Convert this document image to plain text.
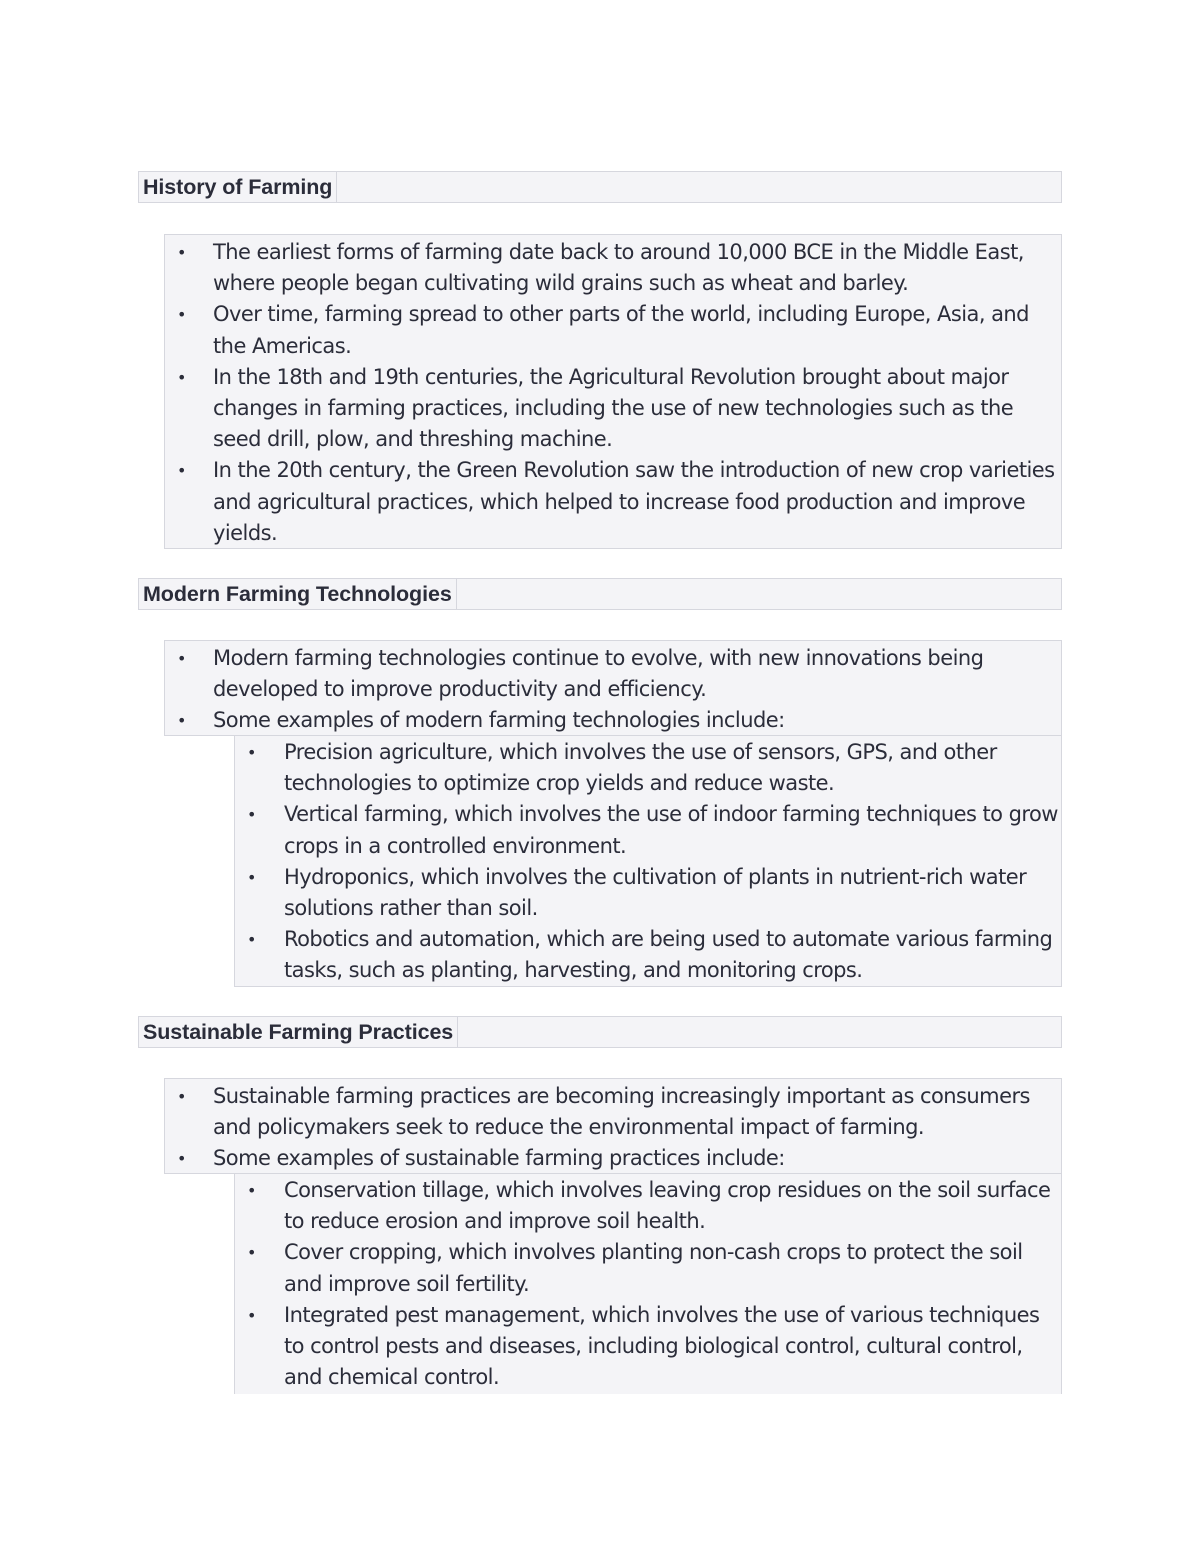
History of Farming
• The earliest forms of farming date back to around 10,000 BCE in the Middle East, where people began cultivating wild grains such as wheat and barley.
• Over time, farming spread to other parts of the world, including Europe, Asia, and the Americas.
• In the 18th and 19th centuries, the Agricultural Revolution brought about major changes in farming practices, including the use of new technologies such as the seed drill, plow, and threshing machine.
• In the 20th century, the Green Revolution saw the introduction of new crop varieties and agricultural practices, which helped to increase food production and improve yields.
Modern Farming Technologies
• Modern farming technologies continue to evolve, with new innovations being developed to improve productivity and efficiency.
• Some examples of modern farming technologies include:
• Precision agriculture, which involves the use of sensors, GPS, and other technologies to optimize crop yields and reduce waste.
• Vertical farming, which involves the use of indoor farming techniques to grow crops in a controlled environment.
• Hydroponics, which involves the cultivation of plants in nutrient-rich water solutions rather than soil.
• Robotics and automation, which are being used to automate various farming tasks, such as planting, harvesting, and monitoring crops.
Sustainable Farming Practices
• Sustainable farming practices are becoming increasingly important as consumers and policymakers seek to reduce the environmental impact of farming.
• Some examples of sustainable farming practices include:
• Conservation tillage, which involves leaving crop residues on the soil surface to reduce erosion and improve soil health.
• Cover cropping, which involves planting non-cash crops to protect the soil and improve soil fertility.
• Integrated pest management, which involves the use of various techniques to control pests and diseases, including biological control, cultural control, and chemical control.
